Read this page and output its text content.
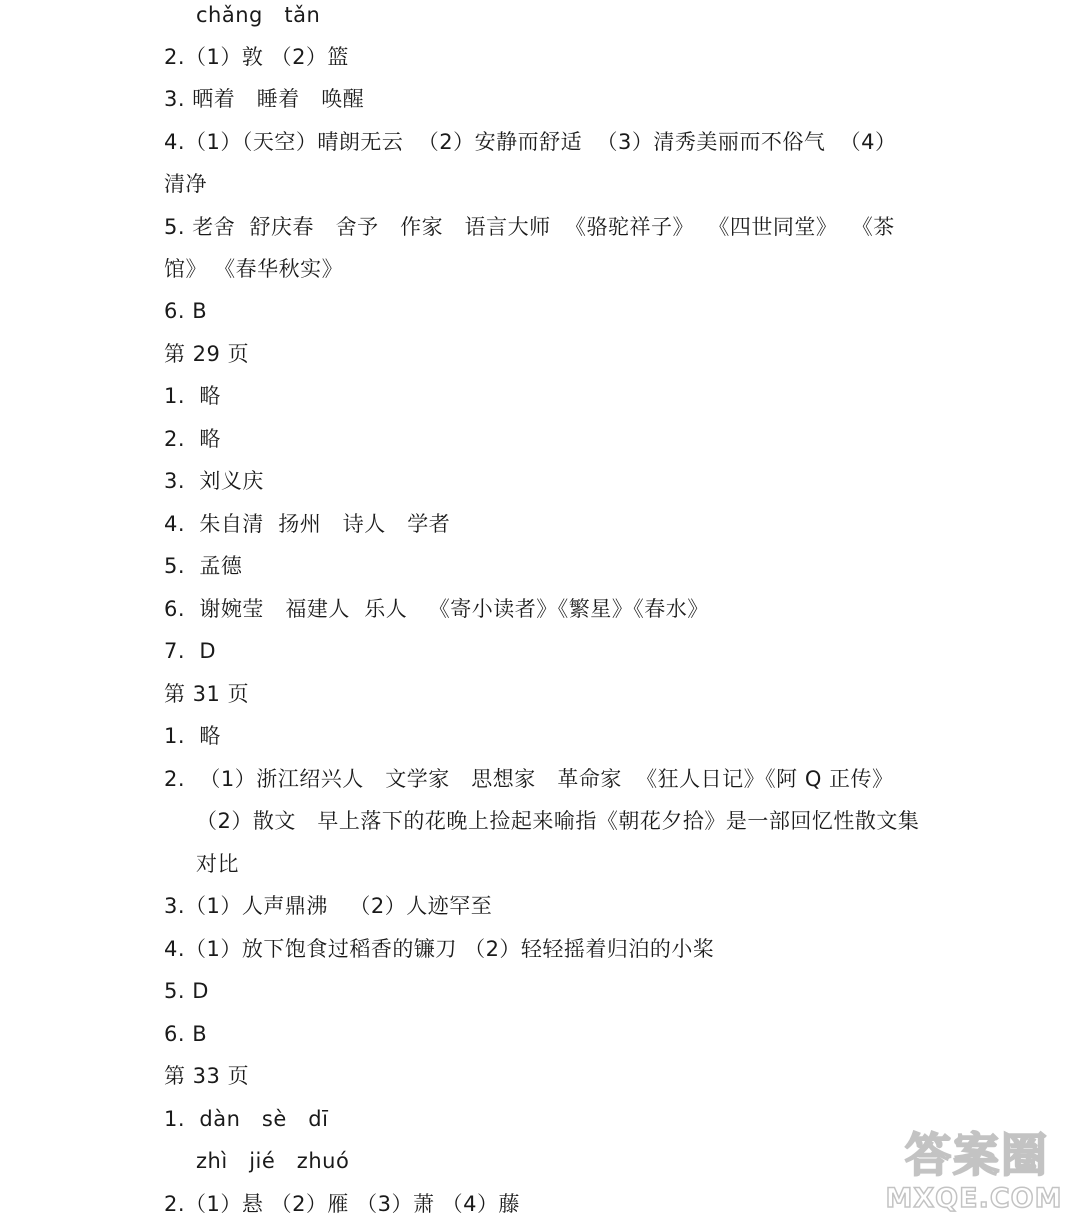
chǎng   tǎn
2.（1）敦 （2）篮
3. 晒着   睡着   唤醒
4.（1）（天空）晴朗无云  （2）安静而舒适  （3）清秀美丽而不俗气  （4）
清净
5. 老舍  舒庆春   舍予   作家   语言大师  《骆驼祥子》  《四世同堂》  《茶
馆》 《春华秋实》
6. B
第 29 页
1.  略
2.  略
3.  刘义庆
4.  朱自清  扬州   诗人   学者
5.  孟德
6.  谢婉莹   福建人  乐人   《寄小读者》《繁星》《春水》
7.  D
第 31 页
1.  略
2.  （1）浙江绍兴人   文学家   思想家   革命家  《狂人日记》《阿 Q 正传》
（2）散文   早上落下的花晚上捡起来喻指《朝花夕拾》是一部回忆性散文集
对比
3.（1）人声鼎沸   （2）人迹罕至
4.（1）放下饱食过稻香的镰刀 （2）轻轻摇着归泊的小桨
5. D
6. B
第 33 页
1.  dàn   sè   dī
zhì   jié   zhuó
2.（1）悬 （2）雁 （3）萧 （4）藤
答案圈
MXQE.COM
